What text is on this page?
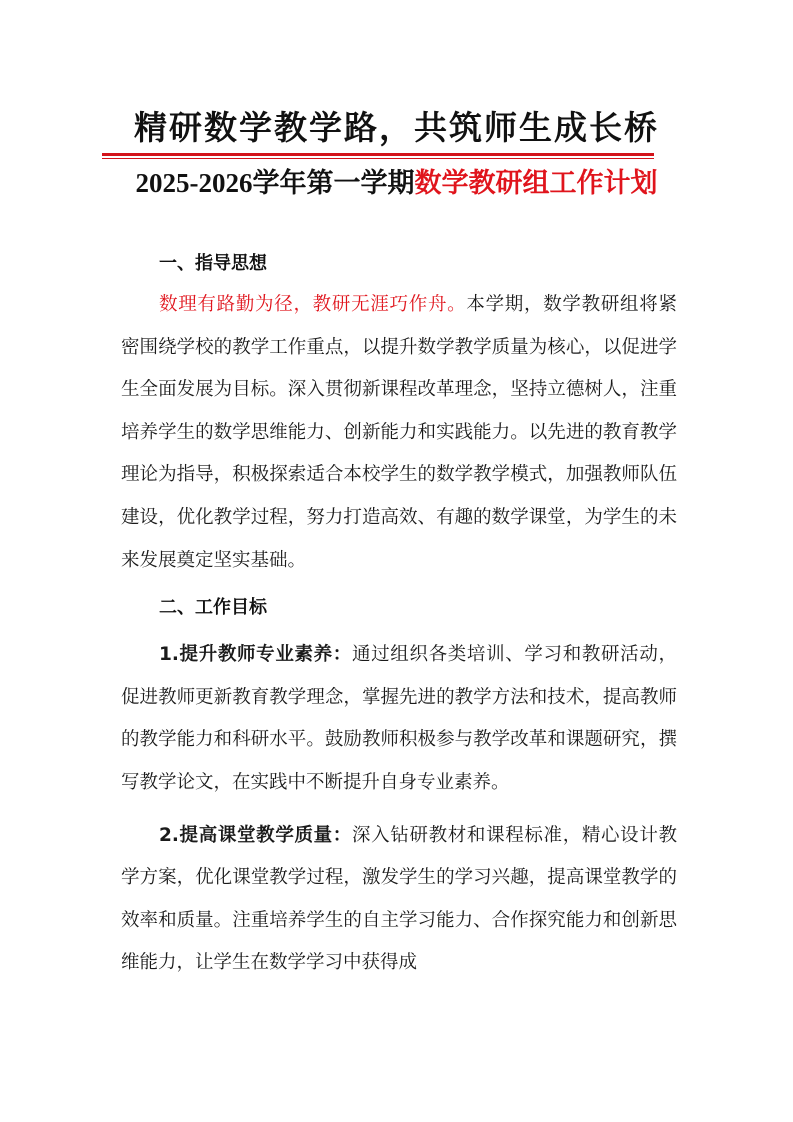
精研数学教学路，共筑师生成长桥
2025-2026学年第一学期数学教研组工作计划
一、指导思想

数理有路勤为径，教研无涯巧作舟。本学期，数学教研组将紧密围绕学校的教学工作重点，以提升数学教学质量为核心，以促进学生全面发展为目标。深入贯彻新课程改革理念，坚持立德树人，注重培养学生的数学思维能力、创新能力和实践能力。以先进的教育教学理论为指导，积极探索适合本校学生的数学教学模式，加强教师队伍建设，优化教学过程，努力打造高效、有趣的数学课堂，为学生的未来发展奠定坚实基础。

二、工作目标

1.提升教师专业素养：通过组织各类培训、学习和教研活动，促进教师更新教育教学理念，掌握先进的教学方法和技术，提高教师的教学能力和科研水平。鼓励教师积极参与教学改革和课题研究，撰写教学论文，在实践中不断提升自身专业素养。

2.提高课堂教学质量：深入钻研教材和课程标准，精心设计教学方案，优化课堂教学过程，激发学生的学习兴趣，提高课堂教学的效率和质量。注重培养学生的自主学习能力、合作探究能力和创新思维能力，让学生在数学学习中获得成
